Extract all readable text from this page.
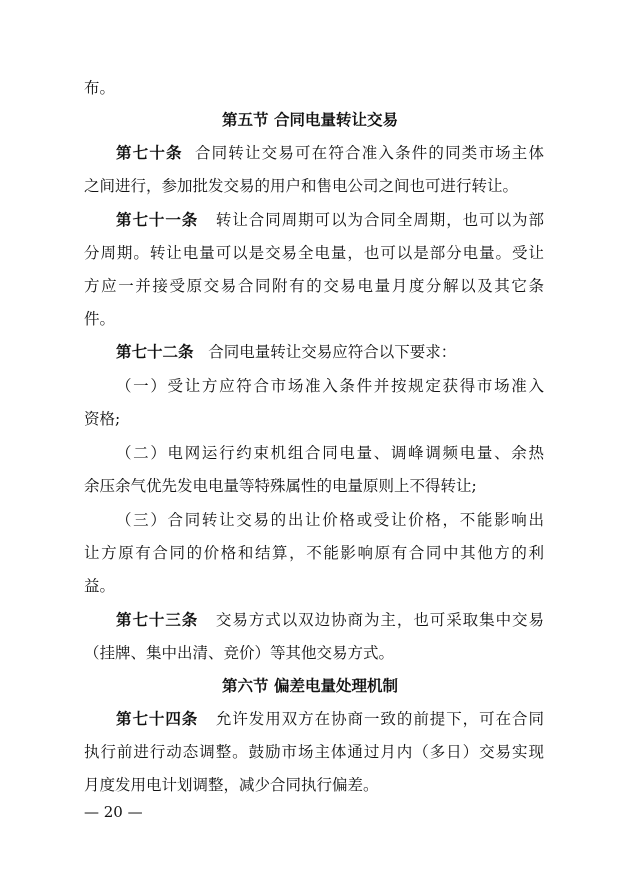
布。
第五节 合同电量转让交易
第七十条 合同转让交易可在符合准入条件的同类市场主体
之间进行，参加批发交易的用户和售电公司之间也可进行转让。
第七十一条 转让合同周期可以为合同全周期，也可以为部
分周期。转让电量可以是交易全电量，也可以是部分电量。受让
方应一并接受原交易合同附有的交易电量月度分解以及其它条
件。
第七十二条 合同电量转让交易应符合以下要求：
（一）受让方应符合市场准入条件并按规定获得市场准入
资格;
（二）电网运行约束机组合同电量、调峰调频电量、余热
余压余气优先发电电量等特殊属性的电量原则上不得转让;
（三）合同转让交易的出让价格或受让价格，不能影响出
让方原有合同的价格和结算，不能影响原有合同中其他方的利
益。
第七十三条 交易方式以双边协商为主，也可采取集中交易
（挂牌、集中出清、竞价）等其他交易方式。
第六节 偏差电量处理机制
第七十四条 允许发用双方在协商一致的前提下，可在合同
执行前进行动态调整。鼓励市场主体通过月内（多日）交易实现
月度发用电计划调整，减少合同执行偏差。
— 20 —
